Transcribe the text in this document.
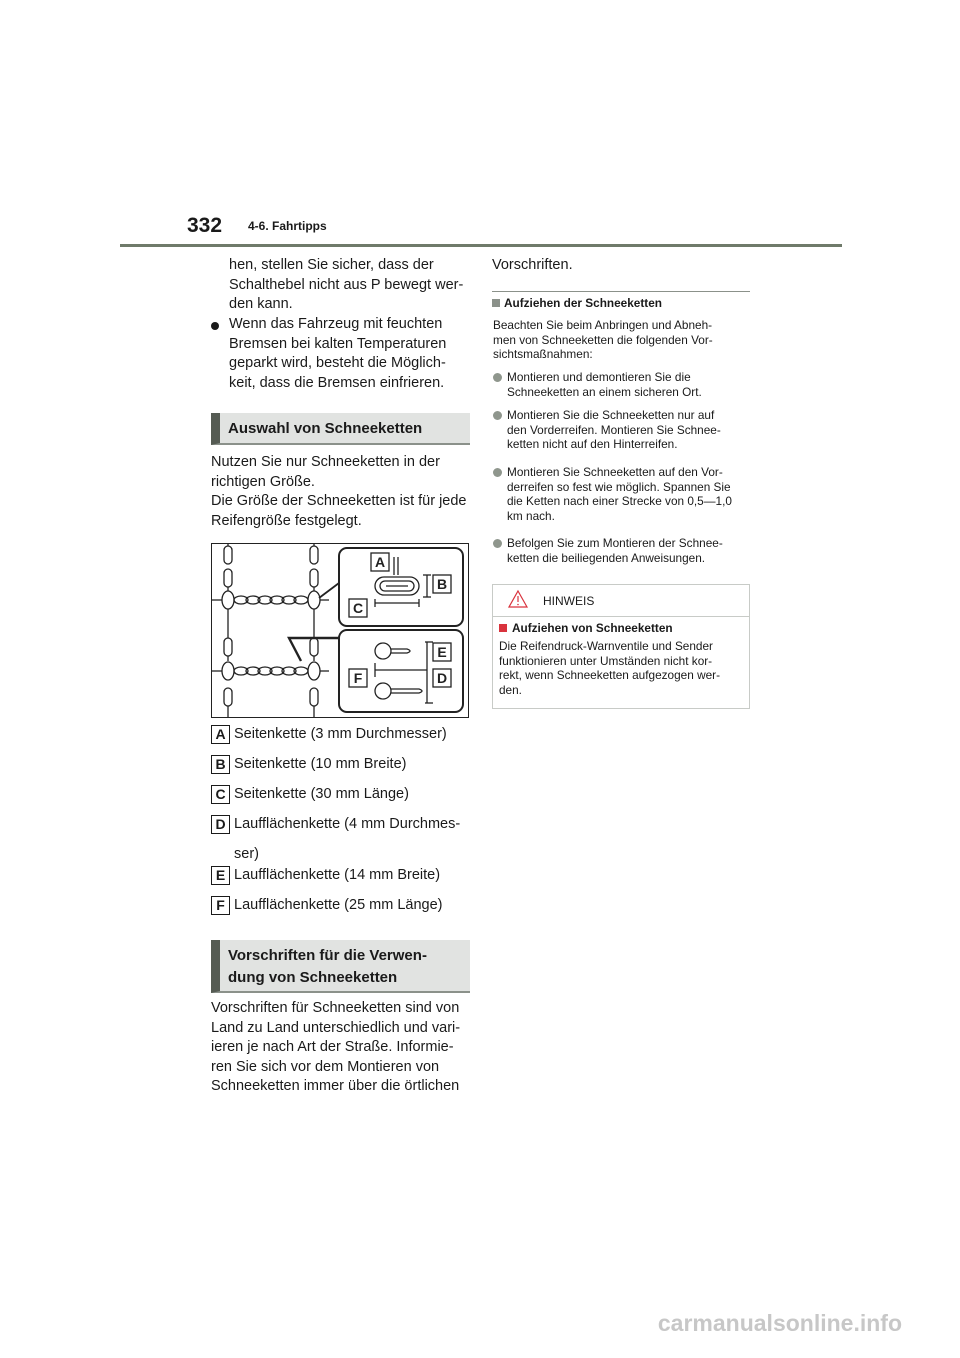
332 4-6. Fahrtipps
hen, stellen Sie sicher, dass der
Schalthebel nicht aus P bewegt wer-
den kann.
Wenn das Fahrzeug mit feuchten
Bremsen bei kalten Temperaturen
geparkt wird, besteht die Möglich-
keit, dass die Bremsen einfrieren.
Auswahl von Schneeketten
Nutzen Sie nur Schneeketten in der
richtigen Größe.
Die Größe der Schneeketten ist für jede
Reifengröße festgelegt.
A
B
C
D
E
F
A Seitenkette (3 mm Durchmesser)
B Seitenkette (10 mm Breite)
C Seitenkette (30 mm Länge)
D Laufflächenkette (4 mm Durchmes-
ser)
E Laufflächenkette (14 mm Breite)
F Laufflächenkette (25 mm Länge)
Vorschriften für die Verwen-
dung von Schneeketten
Vorschriften für Schneeketten sind von
Land zu Land unterschiedlich und vari-
ieren je nach Art der Straße. Informie-
ren Sie sich vor dem Montieren von
Schneeketten immer über die örtlichen
Vorschriften.
Aufziehen der Schneeketten
Beachten Sie beim Anbringen und Abneh-
men von Schneeketten die folgenden Vor-
sichtsmaßnahmen:
Montieren und demontieren Sie die
Schneeketten an einem sicheren Ort.
Montieren Sie die Schneeketten nur auf
den Vorderreifen. Montieren Sie Schnee-
ketten nicht auf den Hinterreifen.
Montieren Sie Schneeketten auf den Vor-
derreifen so fest wie möglich. Spannen Sie
die Ketten nach einer Strecke von 0,5—1,0
km nach.
Befolgen Sie zum Montieren der Schnee-
ketten die beiliegenden Anweisungen.
HINWEIS
Aufziehen von Schneeketten
Die Reifendruck-Warnventile und Sender
funktionieren unter Umständen nicht kor-
rekt, wenn Schneeketten aufgezogen wer-
den.
carmanualsonline.info
